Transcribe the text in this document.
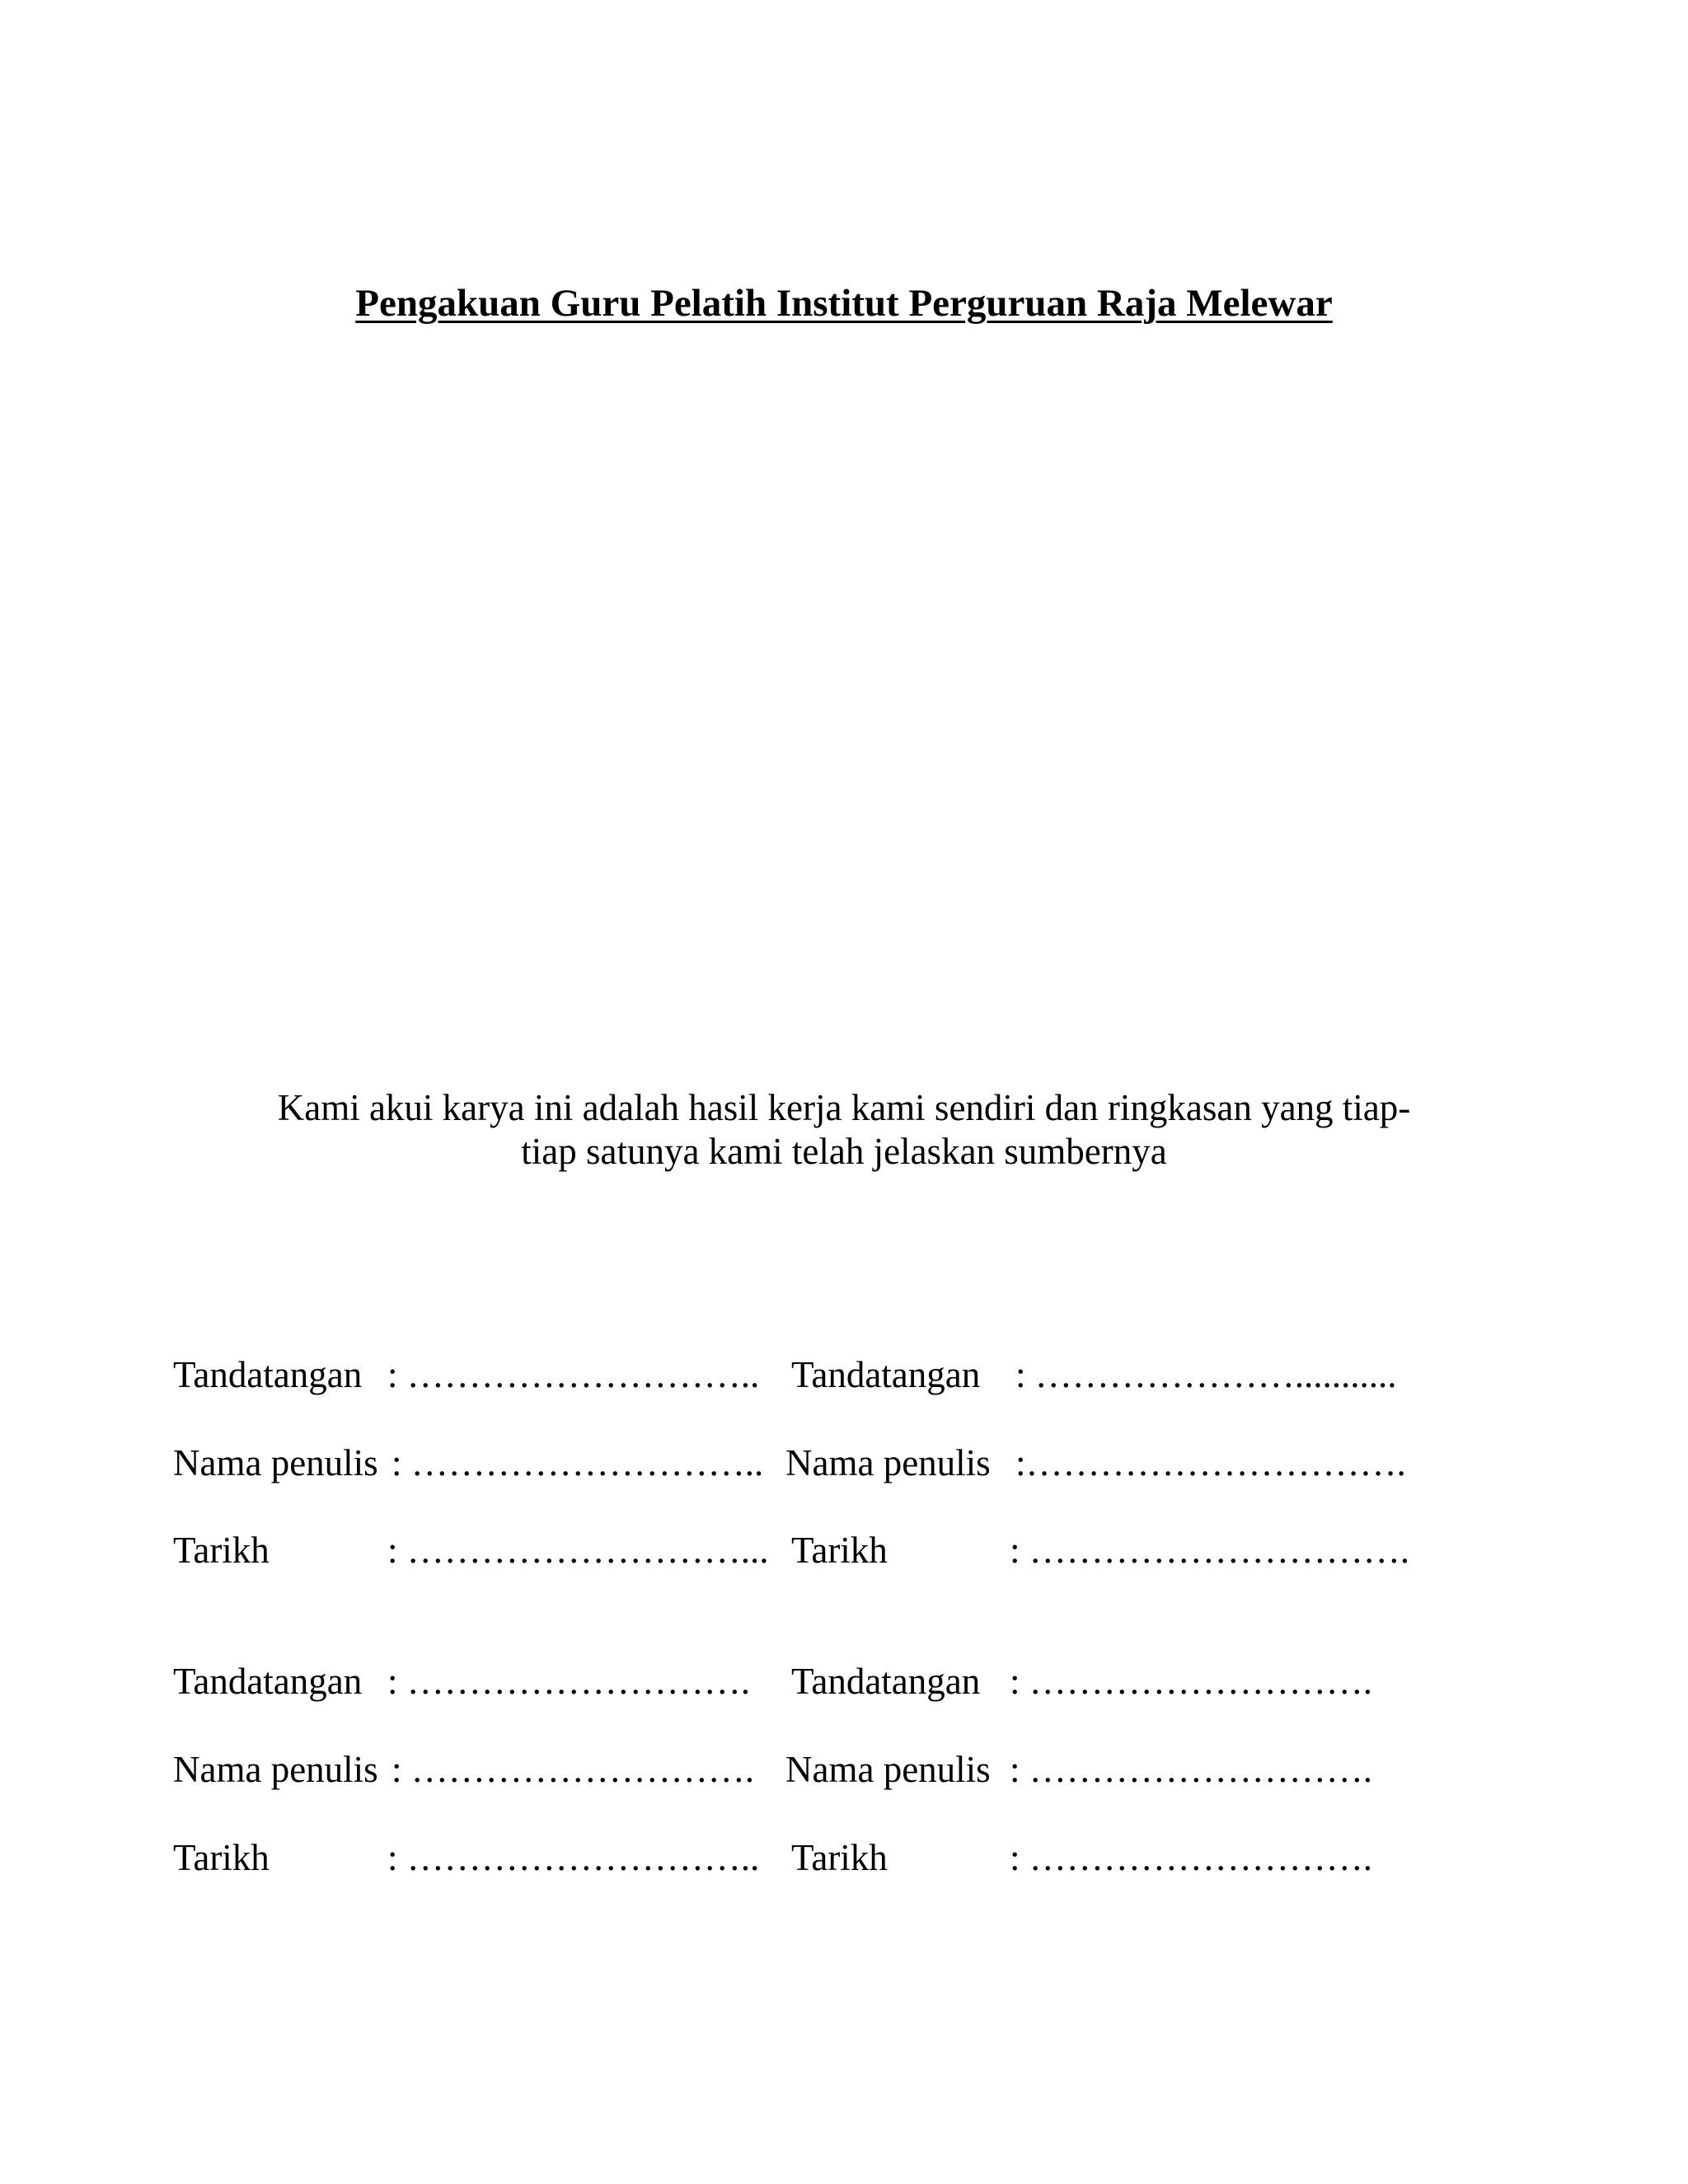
Pengakuan Guru Pelatih Institut Perguruan Raja Melewar
Kami akui karya ini adalah hasil kerja kami sendiri dan ringkasan yang tiap-
tiap satunya kami telah jelaskan sumbernya
Tandatangan : ……………………….. Tandatangan : …………………...........
Nama penulis : ……………………….. Nama penulis :………………………….
Tarikh	: ………………………... Tarikh	: ………………………….
Tandatangan : ………………………. Tandatangan : ……………………….
Nama penulis : ………………………. Nama penulis : ……………………….
Tarikh	: ……………………….. Tarikh	: ……………………….
